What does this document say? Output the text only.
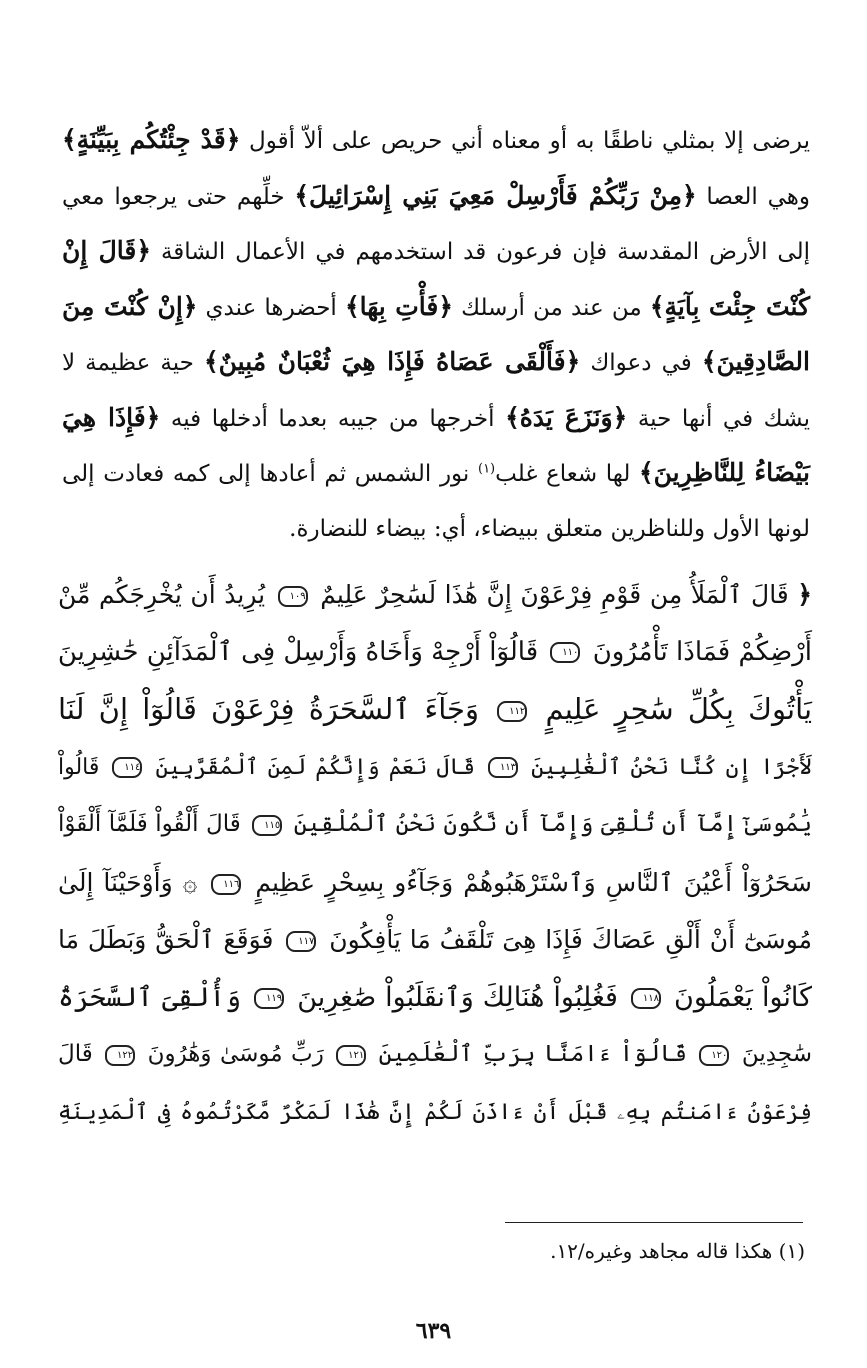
يرضى إلا بمثلي ناطقًا به أو معناه أني حريص على ألاّ أقول ﴿قَدْ جِئْتُكُم بِبَيِّنَةٍ﴾ وهي العصا ﴿مِنْ رَبِّكُمْ فَأَرْسِلْ مَعِيَ بَنِي إِسْرَائِيلَ﴾ خلِّهم حتى يرجعوا معي إلى الأرض المقدسة فإن فرعون قد استخدمهم في الأعمال الشاقة ﴿قَالَ إِنْ كُنْتَ جِئْتَ بِآيَةٍ﴾ من عند من أرسلك ﴿فَأْتِ بِهَا﴾ أحضرها عندي ﴿إِنْ كُنْتَ مِنَ الصَّادِقِينَ﴾ في دعواك ﴿فَأَلْقَى عَصَاهُ فَإِذَا هِيَ ثُعْبَانٌ مُبِينٌ﴾ حية عظيمة لا يشك في أنها حية ﴿وَنَزَعَ يَدَهُ﴾ أخرجها من جيبه بعدما أدخلها فيه ﴿فَإِذَا هِيَ بَيْضَاءُ لِلنَّاظِرِينَ﴾ لها شعاع غلب$^{(١)}$ نور الشمس ثم أعادها إلى كمه فعادت إلى لونها الأول وللناظرين متعلق ببيضاء، أي: بيضاء للنضارة.

﴿ قَالَ ٱلْمَلَأُ مِن قَوْمِ فِرْعَوْنَ إِنَّ هَٰذَا لَسَٰحِرٌ عَلِيمٌ ١٠٩ يُرِيدُ أَن يُخْرِجَكُم مِّنْ
أَرْضِكُمْ فَمَاذَا تَأْمُرُونَ ١١٠ قَالُوٓاْ أَرْجِهْ وَأَخَاهُ وَأَرْسِلْ فِى ٱلْمَدَآئِنِ حَٰشِرِينَ
يَأْتُوكَ بِكُلِّ سَٰحِرٍ عَلِيمٍ ١١٢ وَجَآءَ ٱلسَّحَرَةُ فِرْعَوْنَ قَالُوٓاْ إِنَّ لَنَا
لَأَجْرًا إِن كُنَّا نَحْنُ ٱلْغَٰلِبِينَ ١١٣ قَالَ نَعَمْ وَإِنَّكُمْ لَمِنَ ٱلْمُقَرَّبِينَ ١١٤ قَالُواْ
يَٰمُوسَىٰٓ إِمَّآ أَن تُلْقِىَ وَإِمَّآ أَن نَّكُونَ نَحْنُ ٱلْمُلْقِينَ ١١٥ قَالَ أَلْقُواْ فَلَمَّآ أَلْقَوْاْ
سَحَرُوٓاْ أَعْيُنَ ٱلنَّاسِ وَٱسْتَرْهَبُوهُمْ وَجَآءُو بِسِحْرٍ عَظِيمٍ ١١٦ ۞ وَأَوْحَيْنَآ إِلَىٰ
مُوسَىٰٓ أَنْ أَلْقِ عَصَاكَ فَإِذَا هِىَ تَلْقَفُ مَا يَأْفِكُونَ ١١٧ فَوَقَعَ ٱلْحَقُّ وَبَطَلَ مَا
كَانُواْ يَعْمَلُونَ ١١٨ فَغُلِبُواْ هُنَالِكَ وَٱنقَلَبُواْ صَٰغِرِينَ ١١٩ وَأُلْقِىَ ٱلسَّحَرَةُ
سَٰجِدِينَ ١٢٠ قَالُوٓاْ ءَامَنَّا بِرَبِّ ٱلْعَٰلَمِينَ ١٢١ رَبِّ مُوسَىٰ وَهَٰرُونَ ١٢٢ قَالَ
فِرْعَوْنُ ءَامَنتُم بِهِۦ قَبْلَ أَنْ ءَاذَنَ لَكُمْ إِنَّ هَٰذَا لَمَكْرٌ مَّكَرْتُمُوهُ فِى ٱلْمَدِينَةِ
(١) هكذا قاله مجاهد وغيره/١٢.
٦٣٩
